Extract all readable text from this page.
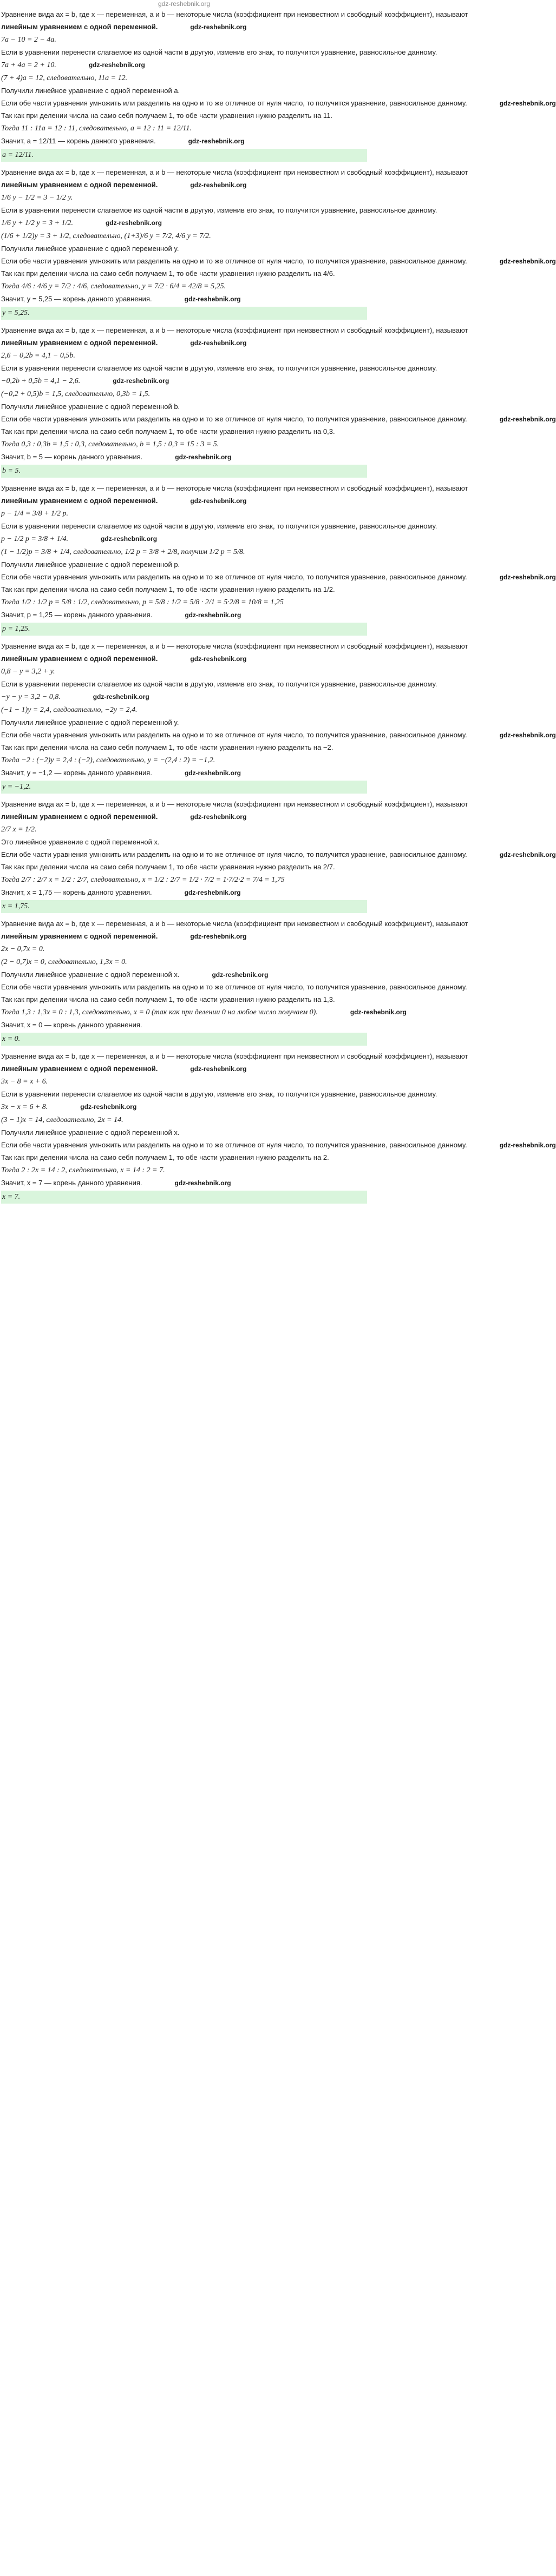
gdz-reshebnik.org
Уравнение вида ax = b, где x — переменная, a и b — некоторые числа (коэффициент при неизвестном и свободный коэффициент), называют
линейным уравнением с одной переменной.	gdz-reshebnik.org
7a − 10 = 2 − 4a.
Если в уравнении перенести слагаемое из одной части в другую, изменив его знак, то получится уравнение, равносильное данному.
7a + 4a = 2 + 10.	gdz-reshebnik.org
(7 + 4)a = 12, следовательно, 11a = 12.
Получили линейное уравнение с одной переменной a.
Если обе части уравнения умножить или разделить на одно и то же отличное от нуля число, то получится уравнение, равносильное данному.	gdz-reshebnik.org
Так как при делении числа на само себя получаем 1, то обе части уравнения нужно разделить на 11.
Тогда 11 : 11a = 12 : 11, следовательно, a = 12 : 11 = 12/11.
Значит, a = 12/11 — корень данного уравнения.	gdz-reshebnik.org
a = 12/11.
Уравнение вида ax = b, где x — переменная, a и b — некоторые числа (коэффициент при неизвестном и свободный коэффициент), называют
линейным уравнением с одной переменной.	gdz-reshebnik.org
1/6 y − 1/2 = 3 − 1/2 y.
Если в уравнении перенести слагаемое из одной части в другую, изменив его знак, то получится уравнение, равносильное данному.
1/6 y + 1/2 y = 3 + 1/2.	gdz-reshebnik.org
(1/6 + 1/2)y = 3 + 1/2, следовательно, (1+3)/6 y = 7/2, 4/6 y = 7/2.
Получили линейное уравнение с одной переменной y.
Если обе части уравнения умножить или разделить на одно и то же отличное от нуля число, то получится уравнение, равносильное данному.	gdz-reshebnik.org
Так как при делении числа на само себя получаем 1, то обе части уравнения нужно разделить на 4/6.
Тогда 4/6 : 4/6 y = 7/2 : 4/6, следовательно, y = 7/2 · 6/4 = 42/8 = 5,25.
Значит, y = 5,25 — корень данного уравнения.	gdz-reshebnik.org
y = 5,25.
Уравнение вида ax = b, где x — переменная, a и b — некоторые числа (коэффициент при неизвестном и свободный коэффициент), называют
линейным уравнением с одной переменной.	gdz-reshebnik.org
2,6 − 0,2b = 4,1 − 0,5b.
Если в уравнении перенести слагаемое из одной части в другую, изменив его знак, то получится уравнение, равносильное данному.
−0,2b + 0,5b = 4,1 − 2,6.	gdz-reshebnik.org
(−0,2 + 0,5)b = 1,5, следовательно, 0,3b = 1,5.
Получили линейное уравнение с одной переменной b.
Если обе части уравнения умножить или разделить на одно и то же отличное от нуля число, то получится уравнение, равносильное данному.	gdz-reshebnik.org
Так как при делении числа на само себя получаем 1, то обе части уравнения нужно разделить на 0,3.
Тогда 0,3 : 0,3b = 1,5 : 0,3, следовательно, b = 1,5 : 0,3 = 15 : 3 = 5.
Значит, b = 5 — корень данного уравнения.	gdz-reshebnik.org
b = 5.
Уравнение вида ax = b, где x — переменная, a и b — некоторые числа (коэффициент при неизвестном и свободный коэффициент), называют
линейным уравнением с одной переменной.	gdz-reshebnik.org
p − 1/4 = 3/8 + 1/2 p.
Если в уравнении перенести слагаемое из одной части в другую, изменив его знак, то получится уравнение, равносильное данному.
p − 1/2 p = 3/8 + 1/4.	gdz-reshebnik.org
(1 − 1/2)p = 3/8 + 1/4, следовательно, 1/2 p = 3/8 + 2/8, получим 1/2 p = 5/8.
Получили линейное уравнение с одной переменной p.
Если обе части уравнения умножить или разделить на одно и то же отличное от нуля число, то получится уравнение, равносильное данному.	gdz-reshebnik.org
Так как при делении числа на само себя получаем 1, то обе части уравнения нужно разделить на 1/2.
Тогда 1/2 : 1/2 p = 5/8 : 1/2, следовательно, p = 5/8 : 1/2 = 5/8 · 2/1 = 5·2/8 = 10/8 = 1,25
Значит, p = 1,25 — корень данного уравнения.	gdz-reshebnik.org
p = 1,25.
Уравнение вида ax = b, где x — переменная, a и b — некоторые числа (коэффициент при неизвестном и свободный коэффициент), называют
линейным уравнением с одной переменной.	gdz-reshebnik.org
0,8 − y = 3,2 + y.
Если в уравнении перенести слагаемое из одной части в другую, изменив его знак, то получится уравнение, равносильное данному.
−y − y = 3,2 − 0,8.	gdz-reshebnik.org
(−1 − 1)y = 2,4, следовательно, −2y = 2,4.
Получили линейное уравнение с одной переменной y.
Если обе части уравнения умножить или разделить на одно и то же отличное от нуля число, то получится уравнение, равносильное данному.	gdz-reshebnik.org
Так как при делении числа на само себя получаем 1, то обе части уравнения нужно разделить на −2.
Тогда −2 : (−2)y = 2,4 : (−2), следовательно, y = −(2,4 : 2) = −1,2.
Значит, y = −1,2 — корень данного уравнения.	gdz-reshebnik.org
y = −1,2.
Уравнение вида ax = b, где x — переменная, a и b — некоторые числа (коэффициент при неизвестном и свободный коэффициент), называют
линейным уравнением с одной переменной.	gdz-reshebnik.org
2/7 x = 1/2.
Это линейное уравнение с одной переменной x.
Если обе части уравнения умножить или разделить на одно и то же отличное от нуля число, то получится уравнение, равносильное данному.	gdz-reshebnik.org
Так как при делении числа на само себя получаем 1, то обе части уравнения нужно разделить на 2/7.
Тогда 2/7 : 2/7 x = 1/2 : 2/7, следовательно, x = 1/2 : 2/7 = 1/2 · 7/2 = 1·7/2·2 = 7/4 = 1,75
Значит, x = 1,75 — корень данного уравнения.	gdz-reshebnik.org
x = 1,75.
Уравнение вида ax = b, где x — переменная, a и b — некоторые числа (коэффициент при неизвестном и свободный коэффициент), называют
линейным уравнением с одной переменной.	gdz-reshebnik.org
2x − 0,7x = 0.
(2 − 0,7)x = 0, следовательно, 1,3x = 0.
Получили линейное уравнение с одной переменной x.	gdz-reshebnik.org
Если обе части уравнения умножить или разделить на одно и то же отличное от нуля число, то получится уравнение, равносильное данному.
Так как при делении числа на само себя получаем 1, то обе части уравнения нужно разделить на 1,3.
Тогда 1,3 : 1,3x = 0 : 1,3, следовательно, x = 0 (так как при делении 0 на любое число получаем 0).	gdz-reshebnik.org
Значит, x = 0 — корень данного уравнения.
x = 0.
Уравнение вида ax = b, где x — переменная, a и b — некоторые числа (коэффициент при неизвестном и свободный коэффициент), называют
линейным уравнением с одной переменной.	gdz-reshebnik.org
3x − 8 = x + 6.
Если в уравнении перенести слагаемое из одной части в другую, изменив его знак, то получится уравнение, равносильное данному.
3x − x = 6 + 8.	gdz-reshebnik.org
(3 − 1)x = 14, следовательно, 2x = 14.
Получили линейное уравнение с одной переменной x.
Если обе части уравнения умножить или разделить на одно и то же отличное от нуля число, то получится уравнение, равносильное данному.	gdz-reshebnik.org
Так как при делении числа на само себя получаем 1, то обе части уравнения нужно разделить на 2.
Тогда 2 : 2x = 14 : 2, следовательно, x = 14 : 2 = 7.
Значит, x = 7 — корень данного уравнения.	gdz-reshebnik.org
x = 7.
